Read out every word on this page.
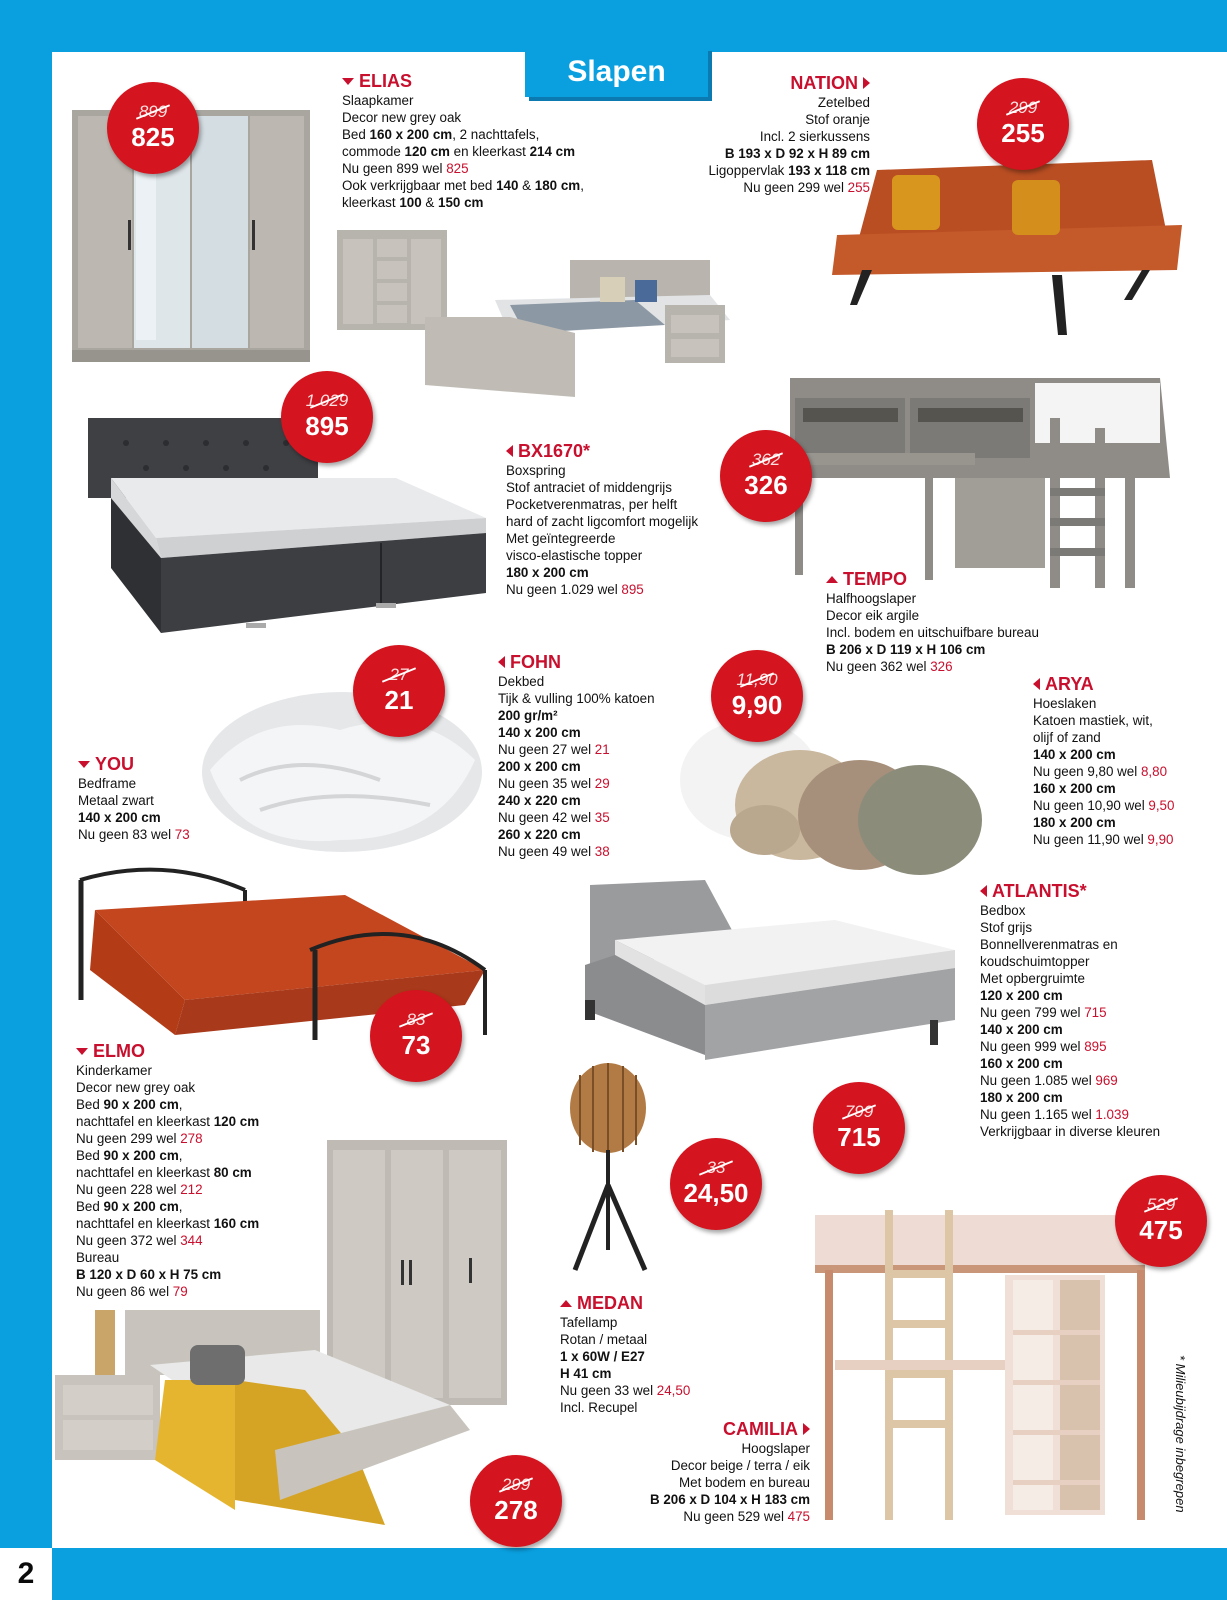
2
Slapen
* Milieubijdrage inbegrepen
ELIAS
Slaapkamer
Decor new grey oak
Bed 160 x 200 cm, 2 nachttafels,
commode 120 cm en kleerkast 214 cm
Nu geen 899 wel 825
Ook verkrijgbaar met bed 140 & 180 cm,
kleerkast 100 & 150 cm
NATION
Zetelbed
Stof oranje
Incl. 2 sierkussens
B 193 x D 92 x H 89 cm
Ligoppervlak 193 x 118 cm
Nu geen 299 wel 255
BX1670*
Boxspring
Stof antraciet of middengrijs
Pocketverenmatras, per helft
hard of zacht ligcomfort mogelijk
Met geïntegreerde
visco-elastische topper
180 x 200 cm
Nu geen 1.029 wel 895
TEMPO
Halfhoogslaper
Decor eik argile
Incl. bodem en uitschuifbare bureau
B 206 x D 119 x H 106 cm
Nu geen 362 wel 326
FOHN
Dekbed
Tijk & vulling 100% katoen
200 gr/m²
140 x 200 cm
Nu geen 27 wel 21
200 x 200 cm
Nu geen 35 wel 29
240 x 220 cm
Nu geen 42 wel 35
260 x 220 cm
Nu geen 49 wel 38
ARYA
Hoeslaken
Katoen mastiek, wit,
olijf of zand
140 x 200 cm
Nu geen 9,80 wel 8,80
160 x 200 cm
Nu geen 10,90 wel 9,50
180 x 200 cm
Nu geen 11,90 wel 9,90
YOU
Bedframe
Metaal zwart
140 x 200 cm
Nu geen 83 wel 73
ATLANTIS*
Bedbox
Stof grijs
Bonnellverenmatras en
koudschuimtopper
Met opbergruimte
120 x 200 cm
Nu geen 799 wel 715
140 x 200 cm
Nu geen 999 wel 895
160 x 200 cm
Nu geen 1.085 wel 969
180 x 200 cm
Nu geen 1.165 wel 1.039
Verkrijgbaar in diverse kleuren
ELMO
Kinderkamer
Decor new grey oak
Bed 90 x 200 cm,
nachttafel en kleerkast 120 cm
Nu geen 299 wel 278
Bed 90 x 200 cm,
nachttafel en kleerkast 80 cm
Nu geen 228 wel 212
Bed 90 x 200 cm,
nachttafel en kleerkast 160 cm
Nu geen 372 wel 344
Bureau
B 120 x D 60 x H 75 cm
Nu geen 86 wel 79
MEDAN
Tafellamp
Rotan / metaal
1 x 60W / E27
H 41 cm
Nu geen 33 wel 24,50
Incl. Recupel
CAMILIA
Hoogslaper
Decor beige / terra / eik
Met bodem en bureau
B 206 x D 104 x H 183 cm
Nu geen 529 wel 475
899
825
299
255
1.029
895
362
326
27
21
11,90
9,90
83
73
799
715
33
24,50	529
475
299
278
